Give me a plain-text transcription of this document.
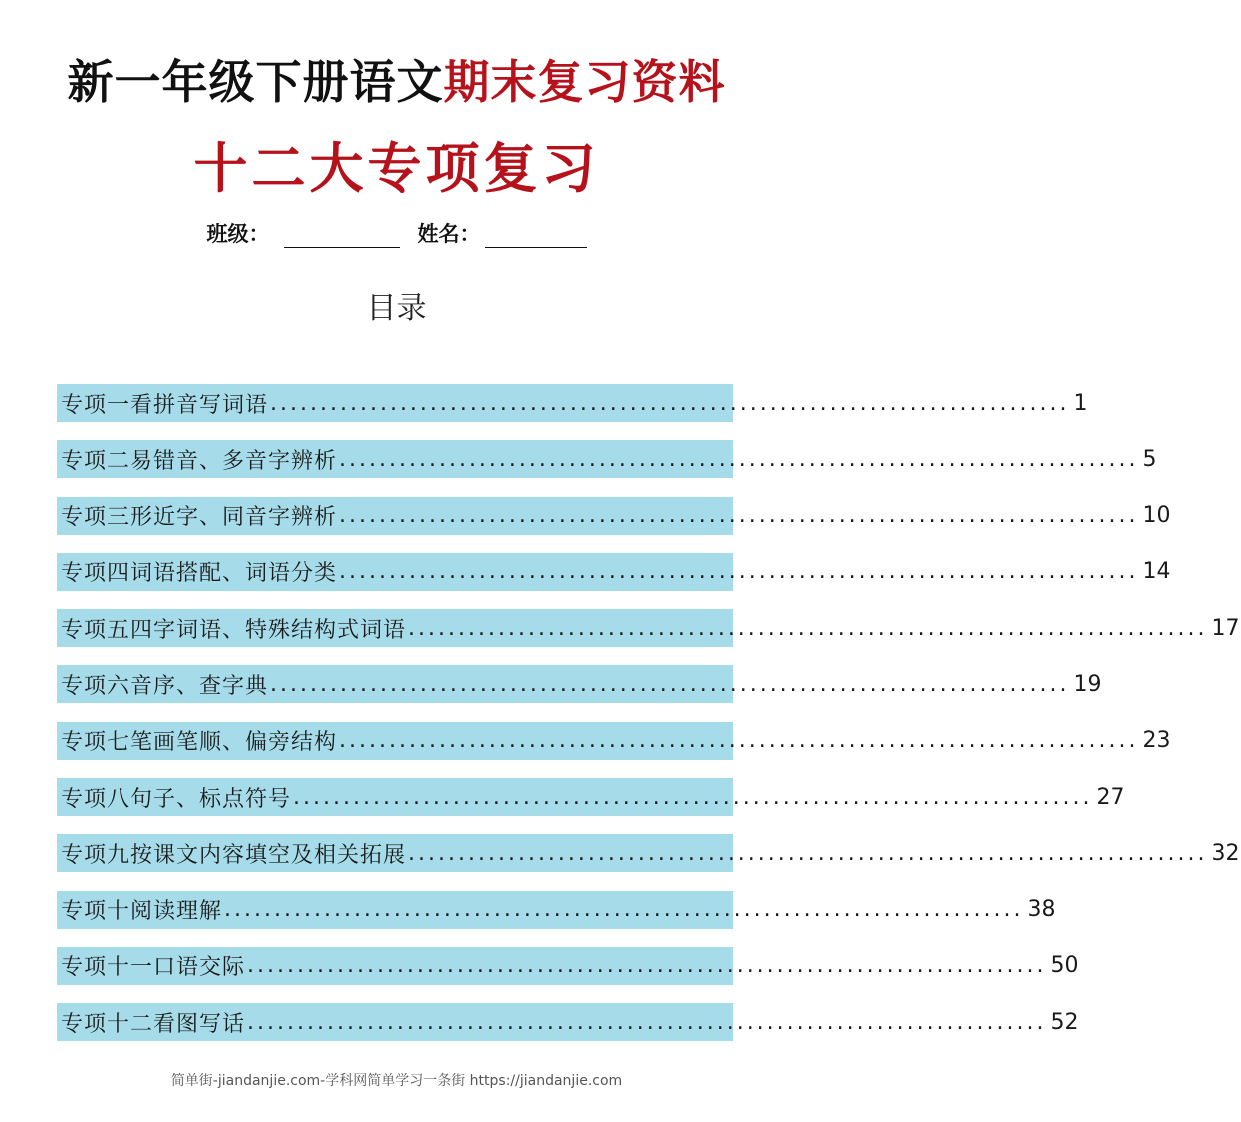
新一年级下册语文期末复习资料
十二大专项复习
班级：	姓名：
目录
专项一 看拼音写词语 ................................................................................ 1
专项二 易错音、多音字辨析 ................................................................................ 5
专项三 形近字、同音字辨析 ................................................................................ 10
专项四 词语搭配、词语分类 ................................................................................ 14
专项五 四字词语、特殊结构式词语 ................................................................................ 17
专项六 音序、查字典 ................................................................................ 19
专项七 笔画笔顺、偏旁结构 ................................................................................ 23
专项八 句子、标点符号 ................................................................................ 27
专项九 按课文内容填空及相关拓展 ................................................................................ 32
专项十 阅读理解 ................................................................................ 38
专项十一 口语交际 ................................................................................ 50
专项十二 看图写话 ................................................................................ 52
简单街-jiandanjie.com-学科网简单学习一条街 https://jiandanjie.com
